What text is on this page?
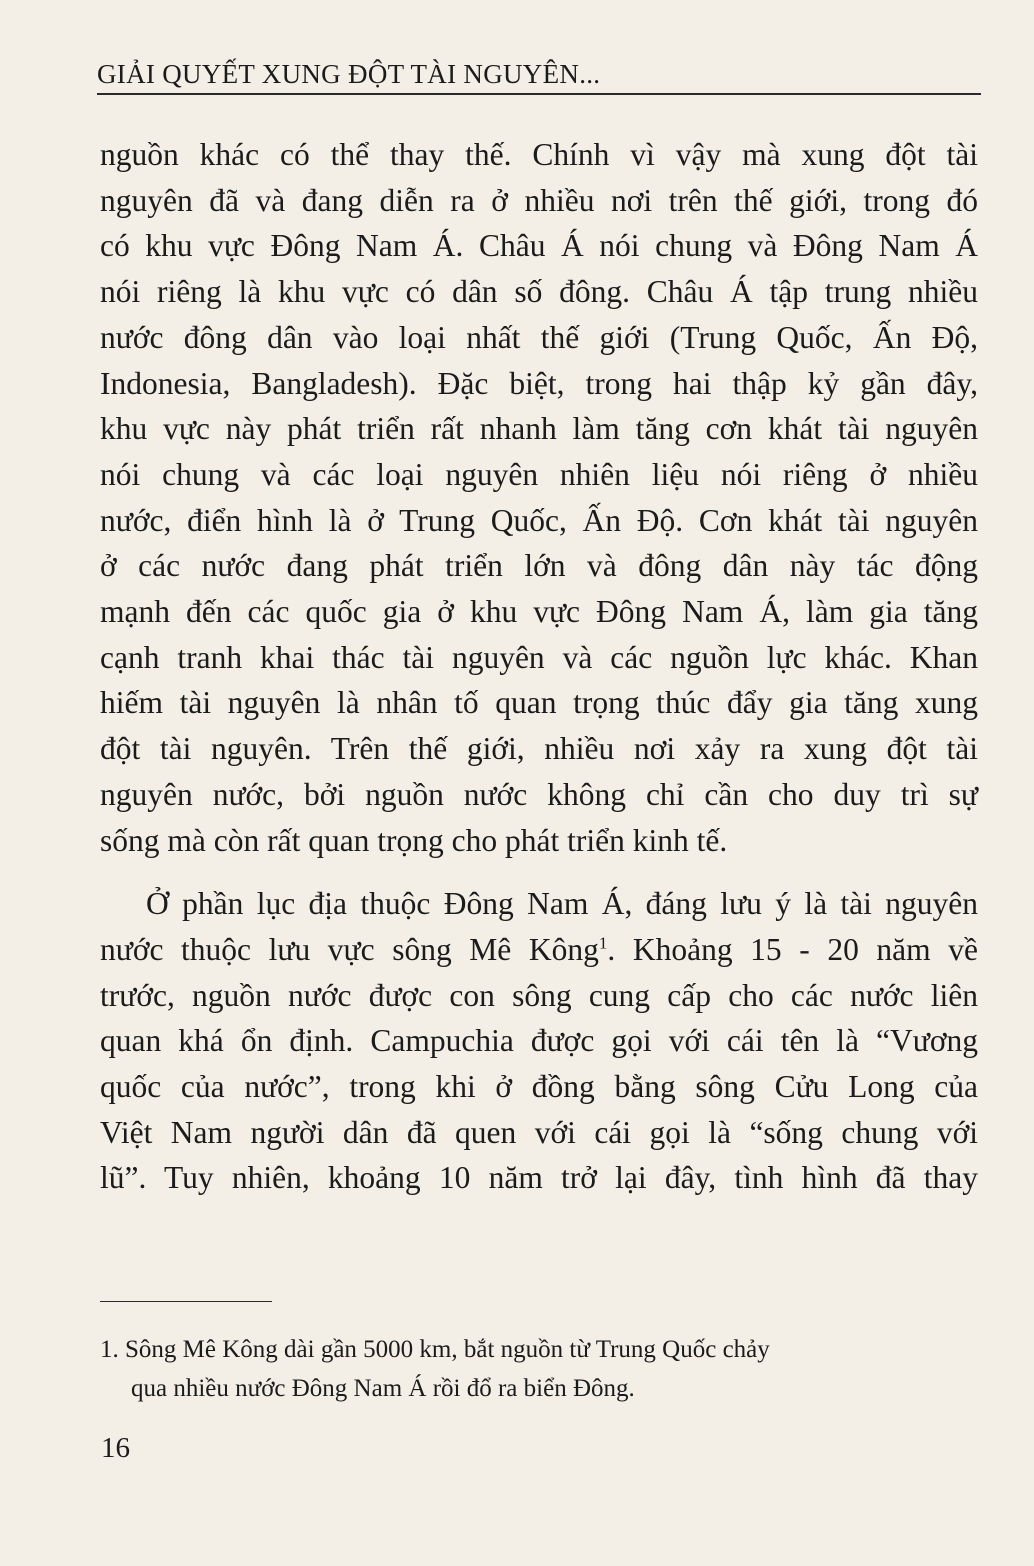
GIẢI QUYẾT XUNG ĐỘT TÀI NGUYÊN...
nguồn khác có thể thay thế. Chính vì vậy mà xung đột tài
nguyên đã và đang diễn ra ở nhiều nơi trên thế giới, trong đó
có khu vực Đông Nam Á. Châu Á nói chung và Đông Nam Á
nói riêng là khu vực có dân số đông. Châu Á tập trung nhiều
nước đông dân vào loại nhất thế giới (Trung Quốc, Ấn Độ,
Indonesia, Bangladesh). Đặc biệt, trong hai thập kỷ gần đây,
khu vực này phát triển rất nhanh làm tăng cơn khát tài nguyên
nói chung và các loại nguyên nhiên liệu nói riêng ở nhiều
nước, điển hình là ở Trung Quốc, Ấn Độ. Cơn khát tài nguyên
ở các nước đang phát triển lớn và đông dân này tác động
mạnh đến các quốc gia ở khu vực Đông Nam Á, làm gia tăng
cạnh tranh khai thác tài nguyên và các nguồn lực khác. Khan
hiếm tài nguyên là nhân tố quan trọng thúc đẩy gia tăng xung
đột tài nguyên. Trên thế giới, nhiều nơi xảy ra xung đột tài
nguyên nước, bởi nguồn nước không chỉ cần cho duy trì sự
sống mà còn rất quan trọng cho phát triển kinh tế.
Ở phần lục địa thuộc Đông Nam Á, đáng lưu ý là tài nguyên
nước thuộc lưu vực sông Mê Kông$^1$. Khoảng 15 - 20 năm về
trước, nguồn nước được con sông cung cấp cho các nước liên
quan khá ổn định. Campuchia được gọi với cái tên là “Vương
quốc của nước”, trong khi ở đồng bằng sông Cửu Long của
Việt Nam người dân đã quen với cái gọi là “sống chung với
lũ”. Tuy nhiên, khoảng 10 năm trở lại đây, tình hình đã thay
1. Sông Mê Kông dài gần 5000 km, bắt nguồn từ Trung Quốc chảy
qua nhiều nước Đông Nam Á rồi đổ ra biển Đông.
16
